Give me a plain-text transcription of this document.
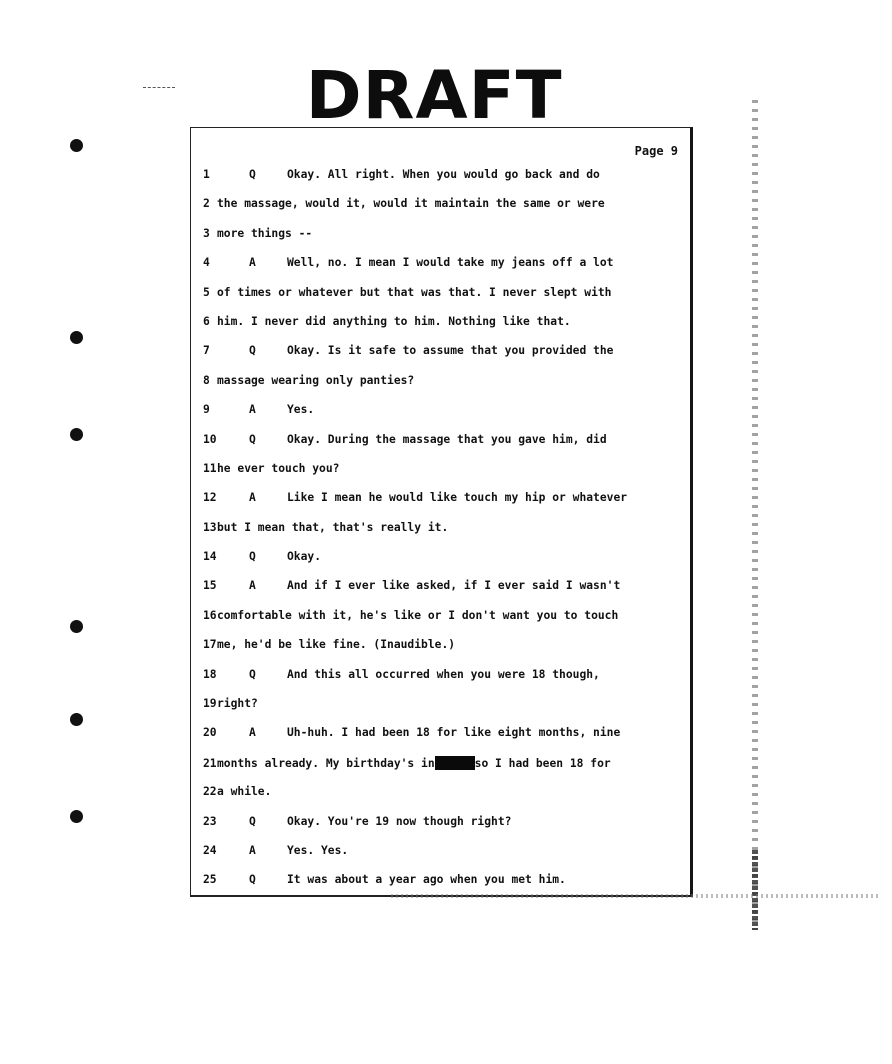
DRAFT
Page 9
1	Q	Okay. All right. When you would go back and do
2 the massage, would it, would it maintain the same or were
3 more things --
4	A	Well, no. I mean I would take my jeans off a lot
5 of times or whatever but that was that. I never slept with
6 him. I never did anything to him. Nothing like that.
7	Q	Okay. Is it safe to assume that you provided the
8 massage wearing only panties?
9	A	Yes.
10	Q	Okay. During the massage that you gave him, did
11he ever touch you?
12	A	Like I mean he would like touch my hip or whatever
13but I mean that, that's really it.
14	Q	Okay.
15	A	And if I ever like asked, if I ever said I wasn't
16comfortable with it, he's like or I don't want you to touch
17me, he'd be like fine. (Inaudible.)
18	Q	And this all occurred when you were 18 though,
19right?
20	A	Uh-huh. I had been 18 for like eight months, nine
21months already. My birthday's in	so I had been 18 for
22a while.
23	Q	Okay. You're 19 now though right?
24	A	Yes. Yes.
25	Q	It was about a year ago when you met him.
